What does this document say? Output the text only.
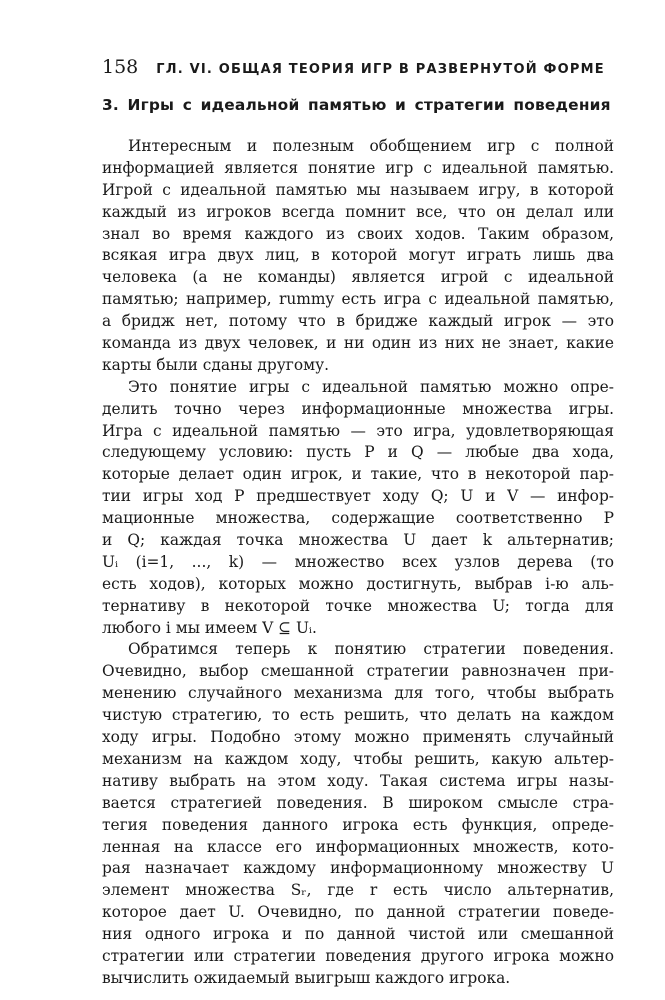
158 ГЛ. VI. ОБЩАЯ ТЕОРИЯ ИГР В РАЗВЕРНУТОЙ ФОРМЕ
3. Игры с идеальной памятью и стратегии поведения
Интересным и полезным обобщением игр с полной
информацией является понятие игр с идеальной памятью.
Игрой с идеальной памятью мы называем игру, в которой
каждый из игроков всегда помнит все, что он делал или
знал во время каждого из своих ходов. Таким образом,
всякая игра двух лиц, в которой могут играть лишь два
человека (а не команды) является игрой с идеальной
памятью; например, rummy есть игра с идеальной памятью,
а бридж нет, потому что в бридже каждый игрок — это
команда из двух человек, и ни один из них не знает, какие
карты были сданы другому.
Это понятие игры с идеальной памятью можно опре-
делить точно через информационные множества игры.
Игра с идеальной памятью — это игра, удовлетворяющая
следующему условию: пусть P и Q — любые два хода,
которые делает один игрок, и такие, что в некоторой пар-
тии игры ход P предшествует ходу Q; U и V — инфор-
мационные множества, содержащие соответственно P
и Q; каждая точка множества U дает k альтернатив;
Uᵢ (i=1, ..., k) — множество всех узлов дерева (то
есть ходов), которых можно достигнуть, выбрав i-ю аль-
тернативу в некоторой точке множества U; тогда для
любого i мы имеем V ⊆ Uᵢ.
Обратимся теперь к понятию стратегии поведения.
Очевидно, выбор смешанной стратегии равнозначен при-
менению случайного механизма для того, чтобы выбрать
чистую стратегию, то есть решить, что делать на каждом
ходу игры. Подобно этому можно применять случайный
механизм на каждом ходу, чтобы решить, какую альтер-
нативу выбрать на этом ходу. Такая система игры назы-
вается стратегией поведения. В широком смысле стра-
тегия поведения данного игрока есть функция, опреде-
ленная на классе его информационных множеств, кото-
рая назначает каждому информационному множеству U
элемент множества Sᵣ, где r есть число альтернатив,
которое дает U. Очевидно, по данной стратегии поведе-
ния одного игрока и по данной чистой или смешанной
стратегии или стратегии поведения другого игрока можно
вычислить ожидаемый выигрыш каждого игрока.
